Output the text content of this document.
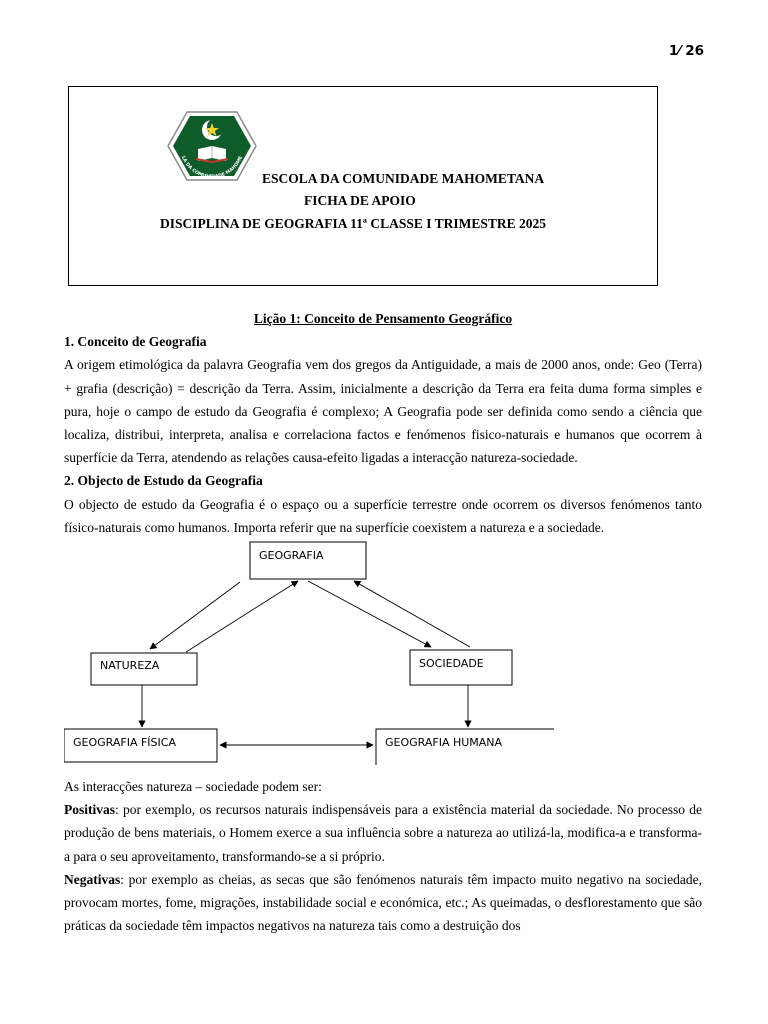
1⁄ 26
LA DA COMUNIDADE MAHOME
ESCOLA DA COMUNIDADE MAHOMETANA
FICHA DE APOIO
DISCIPLINA DE GEOGRAFIA 11ª CLASSE I TRIMESTRE 2025
Lição 1: Conceito de Pensamento Geográfico
1. Conceito de Geografia
A origem etimológica da palavra Geografia vem dos gregos da Antiguidade, a mais de 2000 anos, onde: Geo (Terra) + grafia (descrição) = descrição da Terra. Assim, inicialmente a descrição da Terra era feita duma forma simples e pura, hoje o campo de estudo da Geografia é complexo; A Geografia pode ser definida como sendo a ciência que localiza, distribui, interpreta, analisa e correlaciona factos e fenómenos fisico-naturais e humanos que ocorrem à superfície da Terra, atendendo as relações causa-efeito ligadas a interacção natureza-sociedade.
2. Objecto de Estudo da Geografia
O objecto de estudo da Geografia é o espaço ou a superfície terrestre onde ocorrem os diversos fenómenos tanto físico-naturais como humanos. Importa referir que na superfície coexistem a natureza e a sociedade.
GEOGRAFIA
NATUREZA	SOCIEDADE
GEOGRAFIA FÍSICA	GEOGRAFIA HUMANA
As interacções natureza – sociedade podem ser:
Positivas: por exemplo, os recursos naturais indispensáveis para a existência material da sociedade. No processo de produção de bens materiais, o Homem exerce a sua influência sobre a natureza ao utilizá-la, modifica-a e transforma-a para o seu aproveitamento, transformando-se a si próprio.
Negativas: por exemplo as cheias, as secas que são fenómenos naturais têm impacto muito negativo na sociedade, provocam mortes, fome, migrações, instabilidade social e económica, etc.; As queimadas, o desflorestamento que são práticas da sociedade têm impactos negativos na natureza tais como a destruição dos
